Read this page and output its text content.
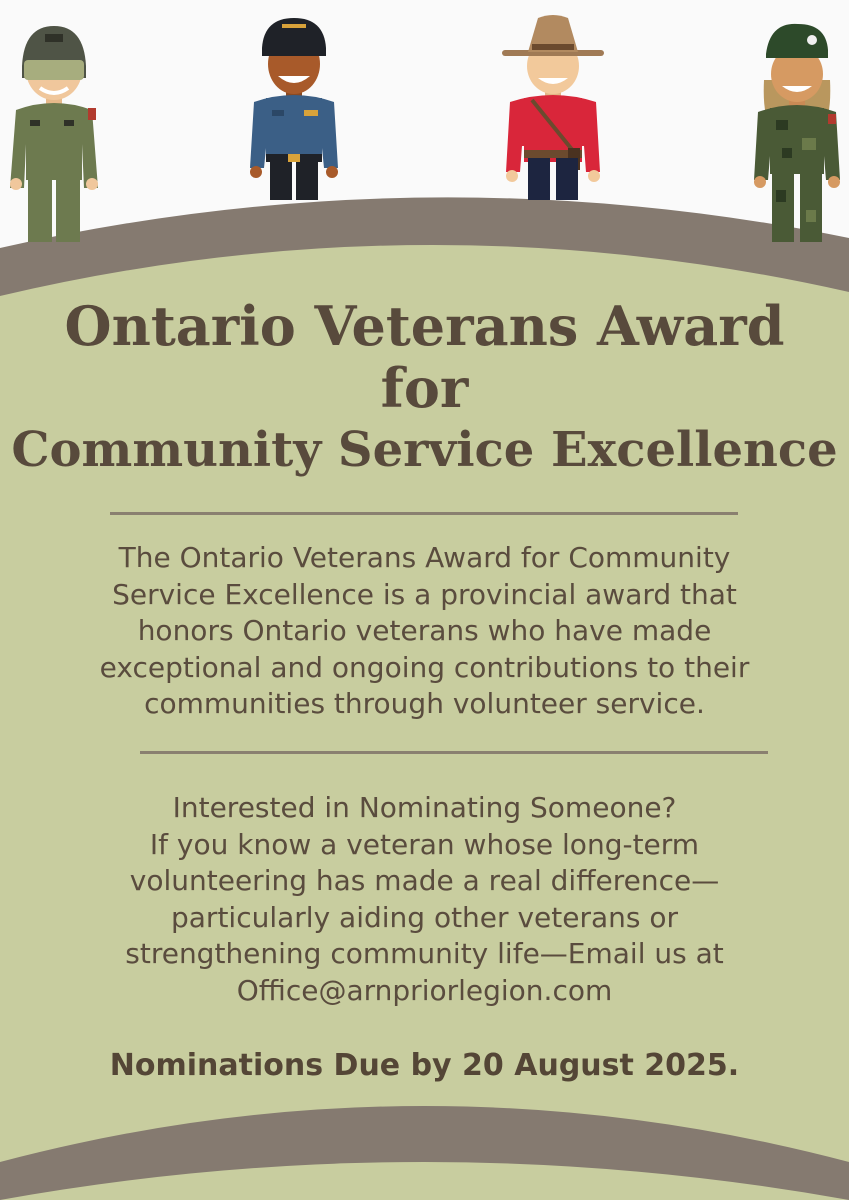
Ontario Veterans Award
for
Community Service Excellence

The Ontario Veterans Award for Community
Service Excellence is a provincial award that
honors Ontario veterans who have made
exceptional and ongoing contributions to their
communities through volunteer service.

Interested in Nominating Someone?
If you know a veteran whose long-term
volunteering has made a real difference—
particularly aiding other veterans or
strengthening community life—Email us at
Office@arnpriorlegion.com

Nominations Due by 20 August 2025.
